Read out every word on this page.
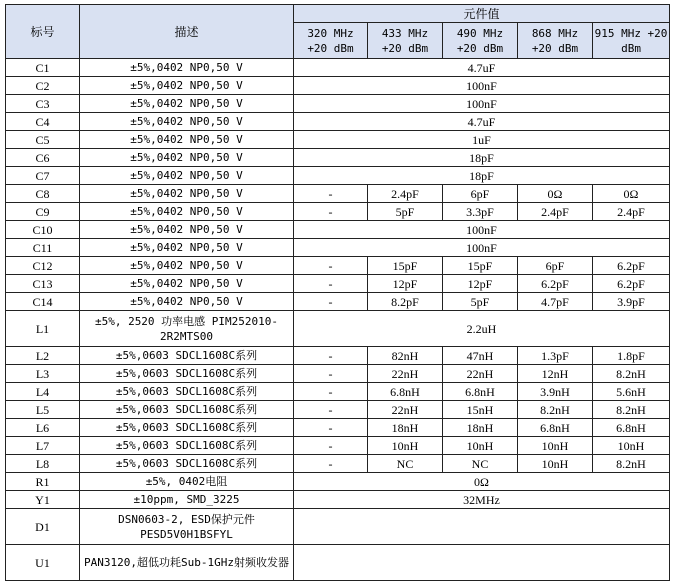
标号	描述	元件值				
		320 MHz +20 dBm	433 MHz +20 dBm	490 MHz +20 dBm	868 MHz +20 dBm	915 MHz +20 dBm
C1	±5%,0402 NP0,50 V	4.7uF				
C2	±5%,0402 NP0,50 V	100nF				
C3	±5%,0402 NP0,50 V	100nF				
C4	±5%,0402 NP0,50 V	4.7uF				
C5	±5%,0402 NP0,50 V	1uF				
C6	±5%,0402 NP0,50 V	18pF				
C7	±5%,0402 NP0,50 V	18pF				
C8	±5%,0402 NP0,50 V	-	2.4pF	6pF	0Ω	0Ω
C9	±5%,0402 NP0,50 V	-	5pF	3.3pF	2.4pF	2.4pF
C10	±5%,0402 NP0,50 V	100nF				
C11	±5%,0402 NP0,50 V	100nF				
C12	±5%,0402 NP0,50 V	-	15pF	15pF	6pF	6.2pF
C13	±5%,0402 NP0,50 V	-	12pF	12pF	6.2pF	6.2pF
C14	±5%,0402 NP0,50 V	-	8.2pF	5pF	4.7pF	3.9pF
L1	±5%, 2520 功率电感 PIM252010-2R2MTS00	2.2uH				
L2	±5%,0603 SDCL1608C系列	-	82nH	47nH	1.3pF	1.8pF
L3	±5%,0603 SDCL1608C系列	-	22nH	22nH	12nH	8.2nH
L4	±5%,0603 SDCL1608C系列	-	6.8nH	6.8nH	3.9nH	5.6nH
L5	±5%,0603 SDCL1608C系列	-	22nH	15nH	8.2nH	8.2nH
L6	±5%,0603 SDCL1608C系列	-	18nH	18nH	6.8nH	6.8nH
L7	±5%,0603 SDCL1608C系列	-	10nH	10nH	10nH	10nH
L8	±5%,0603 SDCL1608C系列	-	NC	NC	10nH	8.2nH
R1	±5%, 0402电阻	0Ω				
Y1	±10ppm, SMD_3225	32MHz				
D1	DSN0603-2, ESD保护元件 PESD5V0H1BSFYL					
U1	PAN3120,超低功耗Sub-1GHz射频收发器					
